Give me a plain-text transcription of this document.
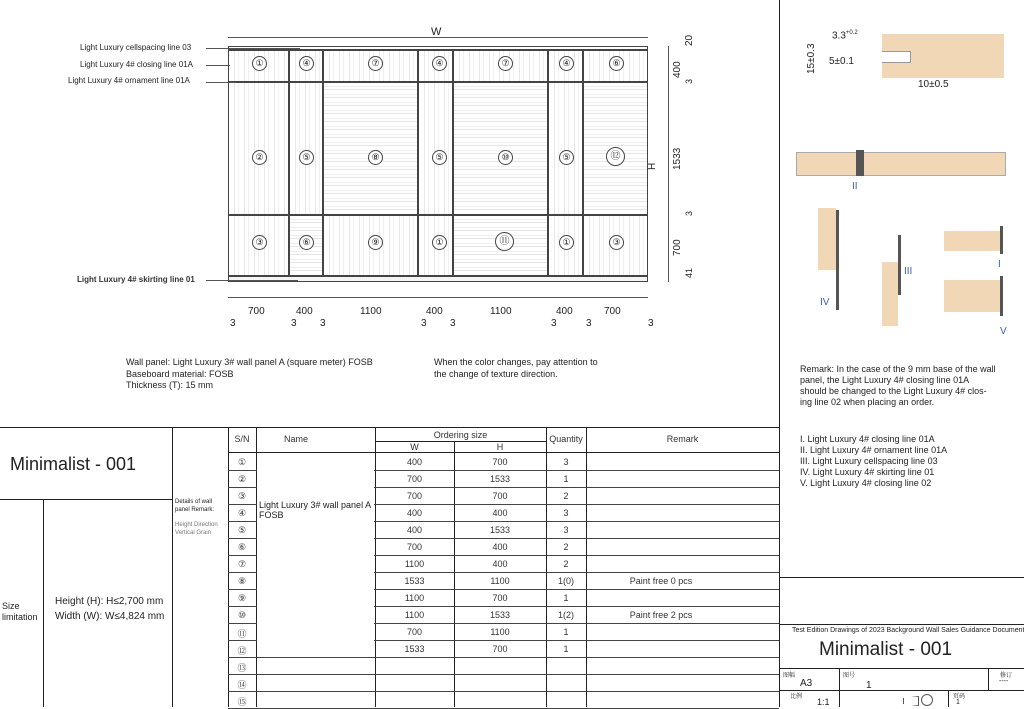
W
①	④	⑦	④	⑦	④	⑥
②	⑤	⑧	⑤	⑩	⑤	⑫
③	⑥	⑨	①	⑪	①	③
Light Luxury cellspacing line 03
Light Luxury 4# closing line 01A
Light Luxury 4# ornament line 01A
Light Luxury 4# skirting line 01
20
400
3
1533
3
700
41
H
700	400	1100	400	1100	400	700
3	3 3	3 3	3	3	3
Wall panel: Light Luxury 3# wall panel A (square meter) FOSB
Baseboard material: FOSB
Thickness (T): 15 mm
When the color changes, pay attention to
the change of texture direction.
$3.3^{+0.2}$
15±0.3 5±0.1
10±0.5
II
IV
III
I
V
Remark: In the case of the 9 mm base of the wall
panel, the Light Luxury 4# closing line 01A
should be changed to the Light Luxury 4# clos-
ing line 02 when placing an order.
I. Light Luxury 4# closing line 01A
II. Light Luxury 4# ornament line 01A
III. Light Luxury cellspacing line 03
IV. Light Luxury 4# skirting line 01
V. Light Luxury 4# closing line 02
Minimalist - 001
Size limitation
Height (H): H≤2,700 mm
Width (W): W≤4,824 mm
Details of wall panel Remark:
Height Direction Vertical Grain
S/N	Name	Ordering size
W	H
Quantity	Remark
Light Luxury 3# wall panel A FOSB
①	400	700	3
②	700	1533	1
③	700	700	2
④	400	400	3
⑤	400	1533	3
⑥	700	400	2
⑦	1100	400	2
⑧	1533	1100	1(0)	Paint free 0 pcs
⑨	1100	700	1
⑩	1100	1533	1(2)	Paint free 2 pcs
⑪	700	1100	1
⑫	1533	700	1
⑬
⑭
⑮
Test Edition Drawings of 2023 Background Wall Sales Guidance Document
Minimalist - 001
图幅
A3
图号
1
修订
----
比例 1:1	页码
1
